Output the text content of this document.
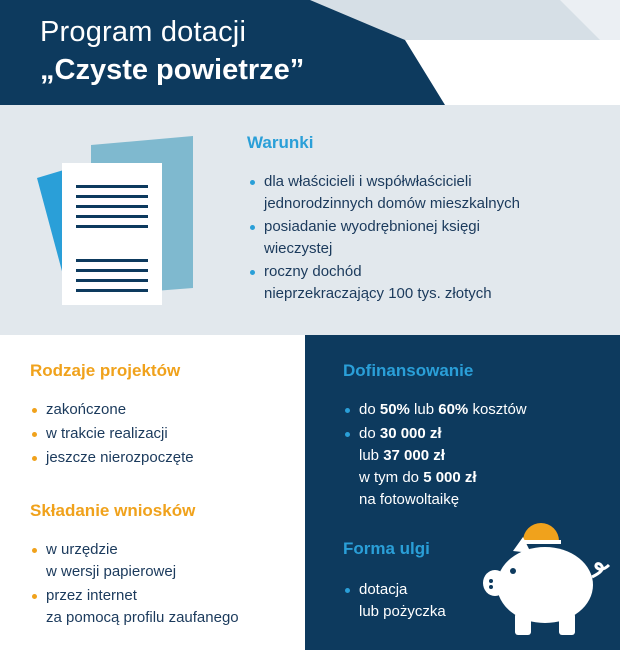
Program dotacji
„Czyste powietrze”
Warunki
dla właścicieli i współwłaścicieli
jednorodzinnych domów mieszkalnych
posiadanie wyodrębnionej księgi
wieczystej
roczny dochód
nieprzekraczający 100 tys. złotych
Rodzaje projektów
zakończone
w trakcie realizacji
jeszcze nierozpoczęte
Składanie wniosków
w urzędzie
w wersji papierowej
przez internet
za pomocą profilu zaufanego
Dofinansowanie
do 50% lub 60% kosztów
do 30 000 zł
lub 37 000 zł
w tym do 5 000 zł
na fotowoltaikę
Forma ulgi
dotacja
lub pożyczka
